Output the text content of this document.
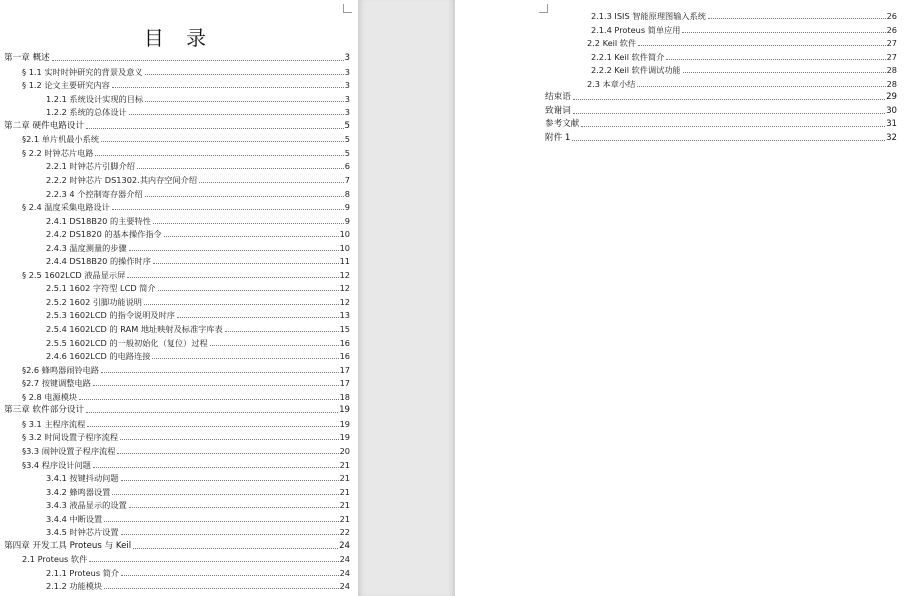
目 录
第一章 概述	3
§ 1.1 实时时钟研究的背景及意义	3
§ 1.2 论文主要研究内容	3
1.2.1 系统设计实现的目标	3
1.2.2 系统的总体设计	3
第二章 硬件电路设计	5
§2.1 单片机最小系统	5
§ 2.2 时钟芯片电路	5
2.2.1 时钟芯片引脚介绍	6
2.2.2 时钟芯片 DS1302.其内存空间介绍	7
2.2.3 4 个控制寄存器介绍	8
§ 2.4 温度采集电路设计	9
2.4.1 DS18B20 的主要特性	9
2.4.2 DS1820 的基本操作指令	10
2.4.3 温度测量的步骤	10
2.4.4 DS18B20 的操作时序	11
§ 2.5 1602LCD 液晶显示屏	12
2.5.1 1602 字符型 LCD 简介	12
2.5.2 1602 引脚功能说明	12
2.5.3 1602LCD 的指令说明及时序	13
2.5.4 1602LCD 的 RAM 地址映射及标准字库表	15
2.5.5 1602LCD 的一般初始化（复位）过程	16
2.4.6 1602LCD 的电路连接	16
§2.6 蜂鸣器闹铃电路	17
§2.7 按键调整电路	17
§ 2.8 电源模块	18
第三章 软件部分设计	19
§ 3.1 主程序流程	19
§ 3.2 时间设置子程序流程	19
§3.3 闹钟设置子程序流程	20
§3.4 程序设计问题	21
3.4.1 按键抖动问题	21
3.4.2 蜂鸣器设置	21
3.4.3 液晶显示的设置	21
3.4.4 中断设置	21
3.4.5 时钟芯片设置	22
第四章 开发工具 Proteus 与 Keil	24
2.1 Proteus 软件	24
2.1.1 Proteus 简介	24
2.1.2 功能模块	24
2.1.3 ISIS 智能原理图输入系统	26
2.1.4 Proteus 简单应用	26
2.2 Keil 软件	27
2.2.1 Keil 软件简介	27
2.2.2 Keil 软件调试功能	28
2.3 本章小结	28
结束语	29
致谢词	30
参考文献	31
附件 1	32
